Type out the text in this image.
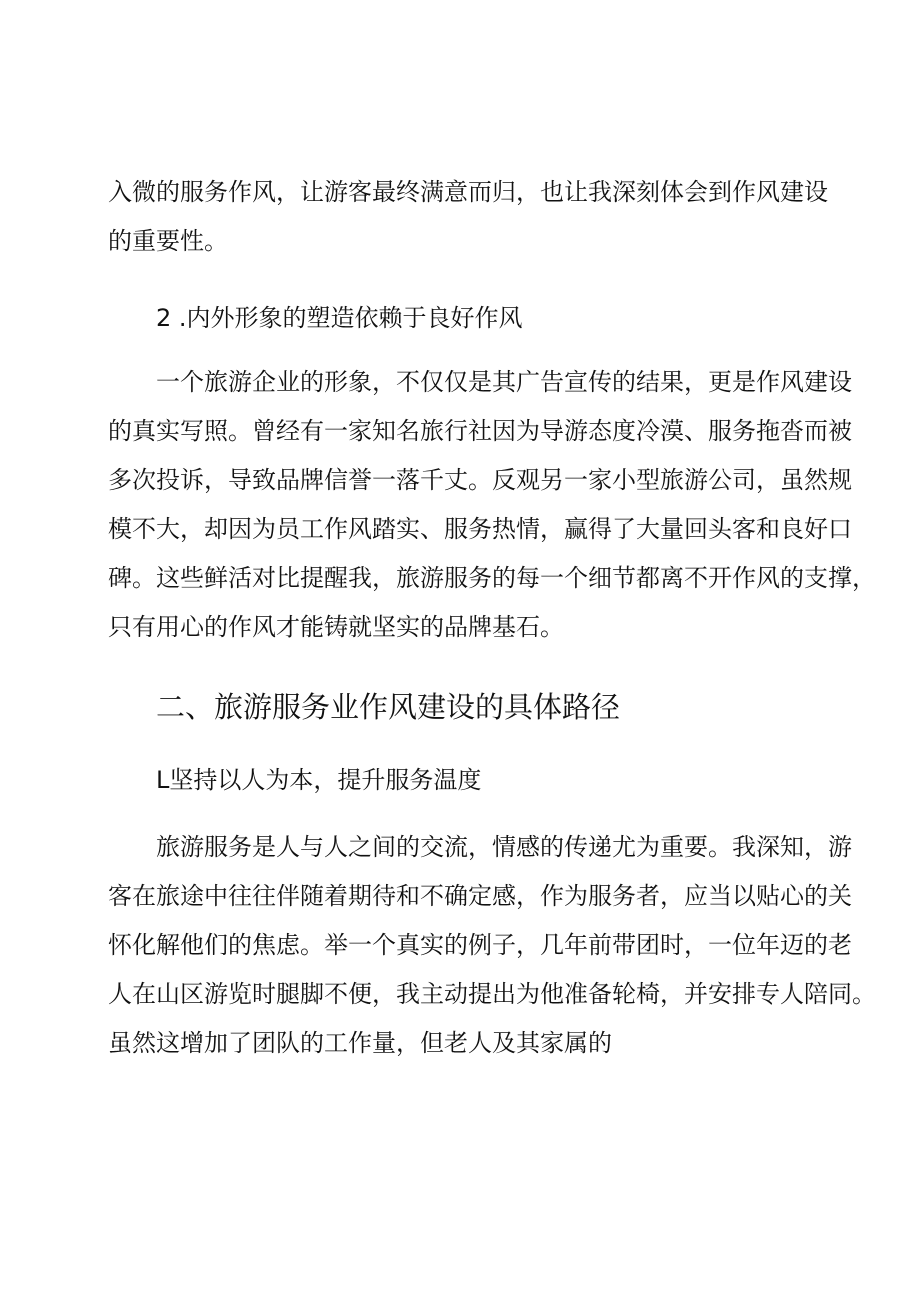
入微的服务作风，让游客最终满意而归，也让我深刻体会到作风建设
的重要性。
2 .内外形象的塑造依赖于良好作风
一个旅游企业的形象，不仅仅是其广告宣传的结果，更是作风建设
的真实写照。曾经有一家知名旅行社因为导游态度冷漠、服务拖沓而被
多次投诉，导致品牌信誉一落千丈。反观另一家小型旅游公司，虽然规
模不大，却因为员工作风踏实、服务热情，赢得了大量回头客和良好口
碑。这些鲜活对比提醒我，旅游服务的每一个细节都离不开作风的支撑，
只有用心的作风才能铸就坚实的品牌基石。
二、旅游服务业作风建设的具体路径
L坚持以人为本，提升服务温度
旅游服务是人与人之间的交流，情感的传递尤为重要。我深知，游
客在旅途中往往伴随着期待和不确定感，作为服务者，应当以贴心的关
怀化解他们的焦虑。举一个真实的例子，几年前带团时，一位年迈的老
人在山区游览时腿脚不便，我主动提出为他准备轮椅，并安排专人陪同。
虽然这增加了团队的工作量，但老人及其家属的
